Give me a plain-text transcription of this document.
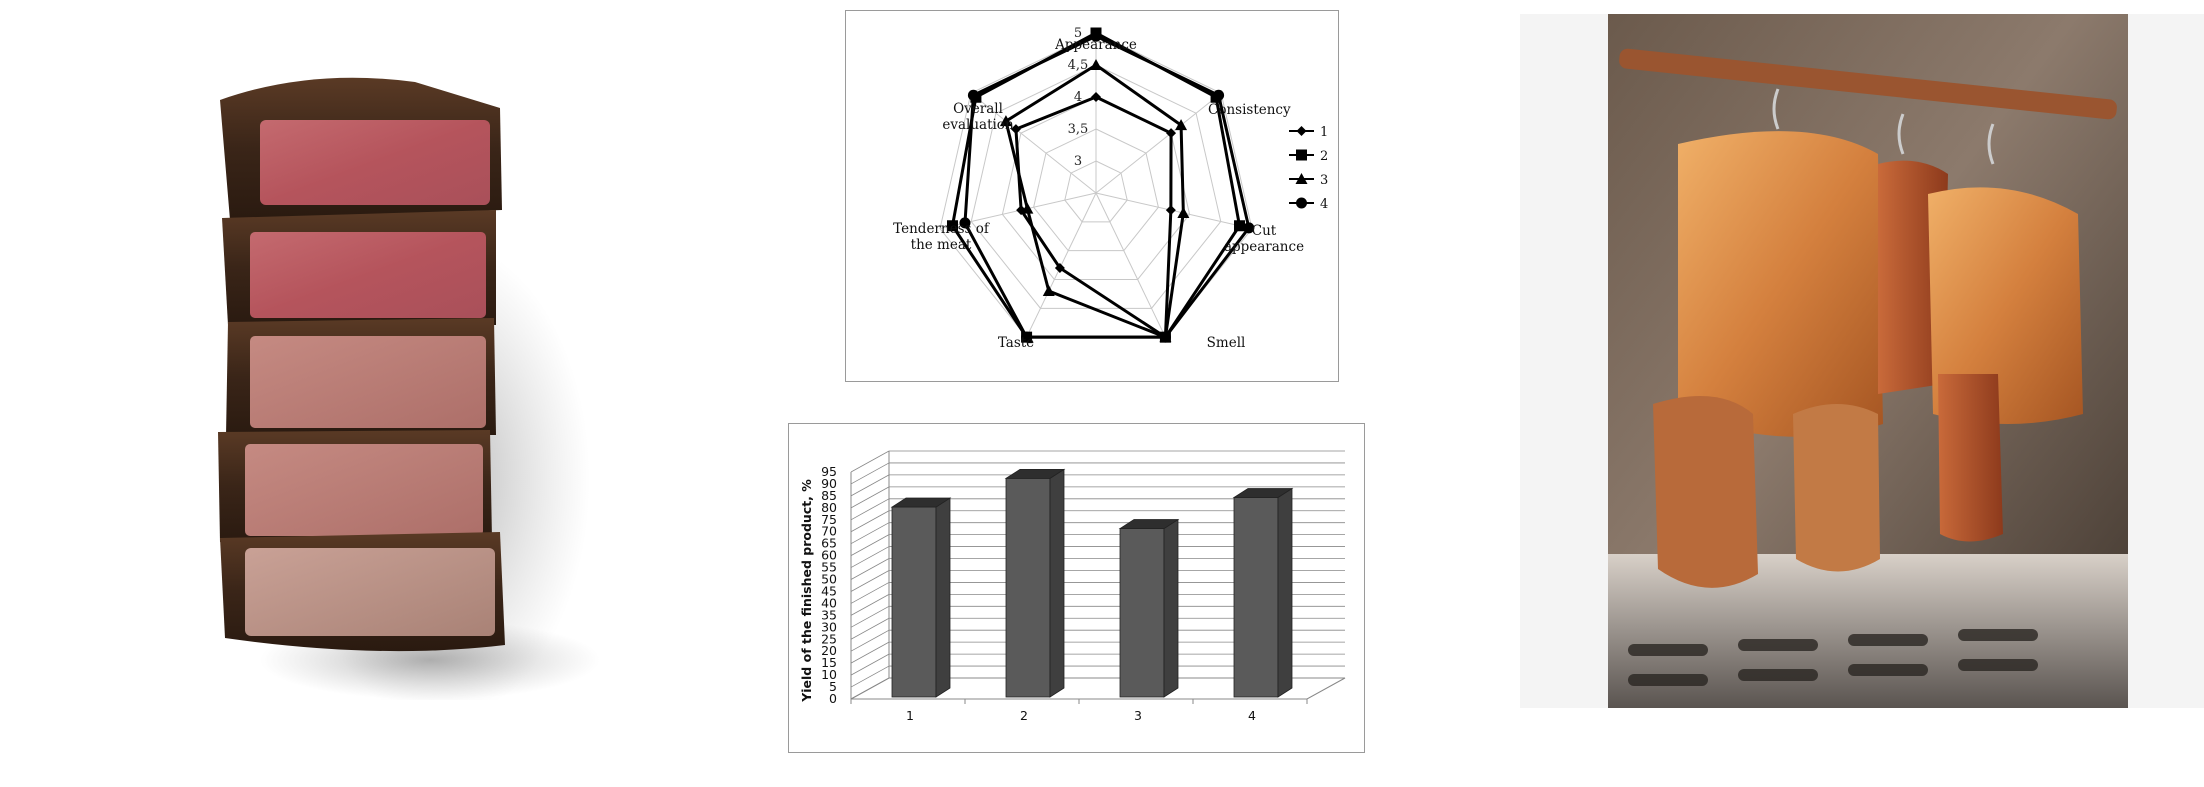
3
3,5
4
4,5
5
Appearance
Consistency
Cut appearance
Smell
Taste
Tenderness of the meat
Overall evaluation	1
2
3
4
0
5
10
15
20
25
30
35
40
45
50
55
60
65
70
75
80
85
90
95
Yield of the finished product, %
1	2	3	4
